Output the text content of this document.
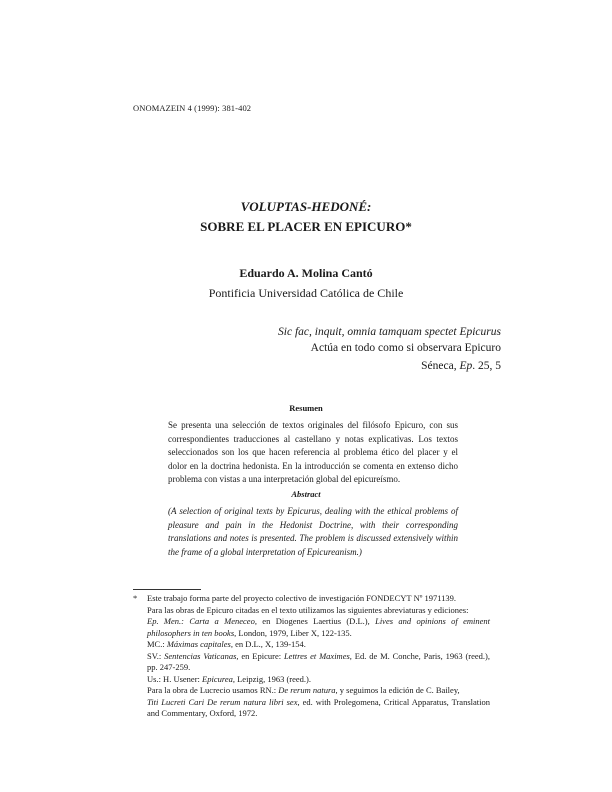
ONOMAZEIN 4 (1999): 381-402
VOLUPTAS-HEDONÉ:
SOBRE EL PLACER EN EPICURO*
Eduardo A. Molina Cantó
Pontificia Universidad Católica de Chile
Sic fac, inquit, omnia tamquam spectet Epicurus
Actúa en todo como si observara Epicuro
Séneca, Ep. 25, 5
Resumen

Se presenta una selección de textos originales del filósofo Epicuro, con sus correspondientes traducciones al castellano y notas explicativas. Los textos seleccionados son los que hacen referencia al problema ético del placer y el dolor en la doctrina hedonista. En la introducción se comenta en extenso dicho problema con vistas a una interpretación global del epicureísmo.

Abstract

(A selection of original texts by Epicurus, dealing with the ethical problems of pleasure and pain in the Hedonist Doctrine, with their corresponding translations and notes is presented. The problem is discussed extensively within the frame of a global interpretation of Epicureanism.)

* Este trabajo forma parte del proyecto colectivo de investigación FONDECYT Nº 1971139.
Para las obras de Epicuro citadas en el texto utilizamos las siguientes abreviaturas y ediciones:
Ep. Men.: Carta a Meneceo, en Diogenes Laertius (D.L.), Lives and opinions of eminent philosophers in ten books, London, 1979, Liber X, 122-135.
MC.: Máximas capitales, en D.L., X, 139-154.
SV.: Sentencias Vaticanas, en Epicure: Lettres et Maximes, Ed. de M. Conche, Paris, 1963 (reed.), pp. 247-259.
Us.: H. Usener: Epicurea, Leipzig, 1963 (reed.).
Para la obra de Lucrecio usamos RN.: De rerum natura, y seguimos la edición de C. Bailey,
Titi Lucreti Cari De rerum natura libri sex, ed. with Prolegomena, Critical Apparatus, Translation and Commentary, Oxford, 1972.
